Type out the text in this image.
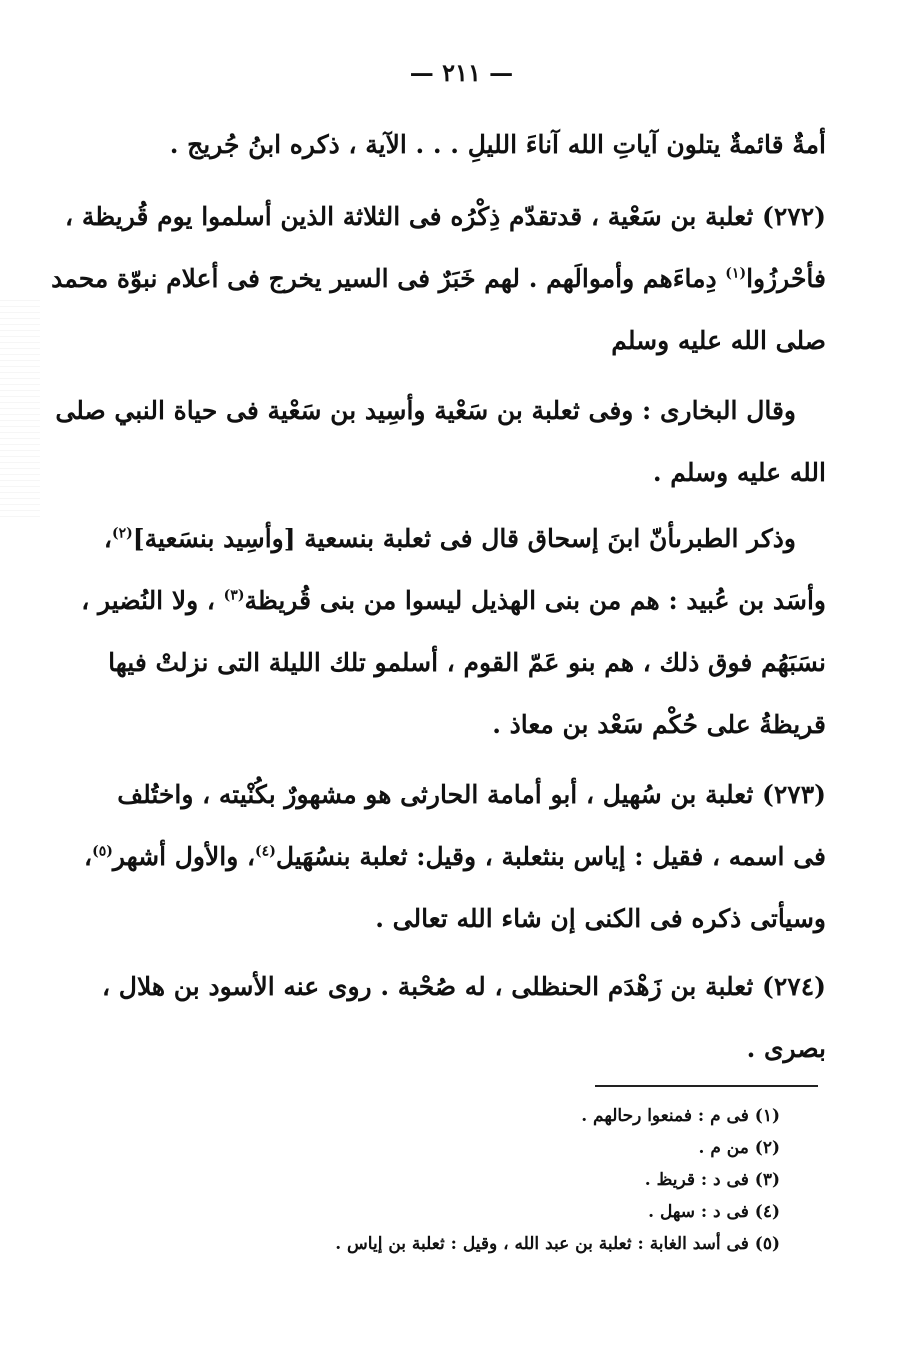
— ٢١١ —
أمةٌ قائمةٌ يتلون آياتِ الله آناءَ الليلِ . . . الآية ، ذكره ابنُ جُريج .
(٢٧٢) ثعلبة بن سَعْية ، قدتقدّم ذِكْرُه فى الثلاثة الذين أسلموا يوم قُريظة ،
فأحْرزُوا$^{(١)}$ دِماءَهم وأموالَهم . لهم خَبَرٌ فى السير يخرج فى أعلام نبوّة محمد
صلى الله عليه وسلم
وقال البخارى : وفى ثعلبة بن سَعْية وأسِيد بن سَعْية فى حياة النبي صلى
الله عليه وسلم .
وذكر الطبرىأنّ ابنَ إسحاق قال فى ثعلبة بنسعية [وأسِيد بنسَعية]$^{(٢)}$،
وأسَد بن عُبيد : هم من بنى الهذيل ليسوا من بنى قُريظة$^{(٣)}$ ، ولا النُضير ،
نسَبَهُم فوق ذلك ، هم بنو عَمّ القوم ، أسلمو تلك الليلة التى نزلتْ فيها
قريظةُ على حُكْم سَعْد بن معاذ .
(٢٧٣) ثعلبة بن سُهيل ، أبو أمامة الحارثى هو مشهورٌ بكُنْيته ، واختُلف
فى اسمه ، فقيل : إياس بنثعلبة ، وقيل: ثعلبة بنسُهَيل$^{(٤)}$، والأول أشهر$^{(٥)}$،
وسيأتى ذكره فى الكنى إن شاء الله تعالى .
(٢٧٤) ثعلبة بن زَهْدَم الحنظلى ، له صُحْبة . روى عنه الأسود بن هلال ،
بصرى .
(١) فى م : فمنعوا رحالهم .
(٢) من م .
(٣) فى د : قريظ .
(٤) فى د : سهل .
(٥) فى أسد الغابة : ثعلبة بن عبد الله ، وقيل : ثعلبة بن إياس .
